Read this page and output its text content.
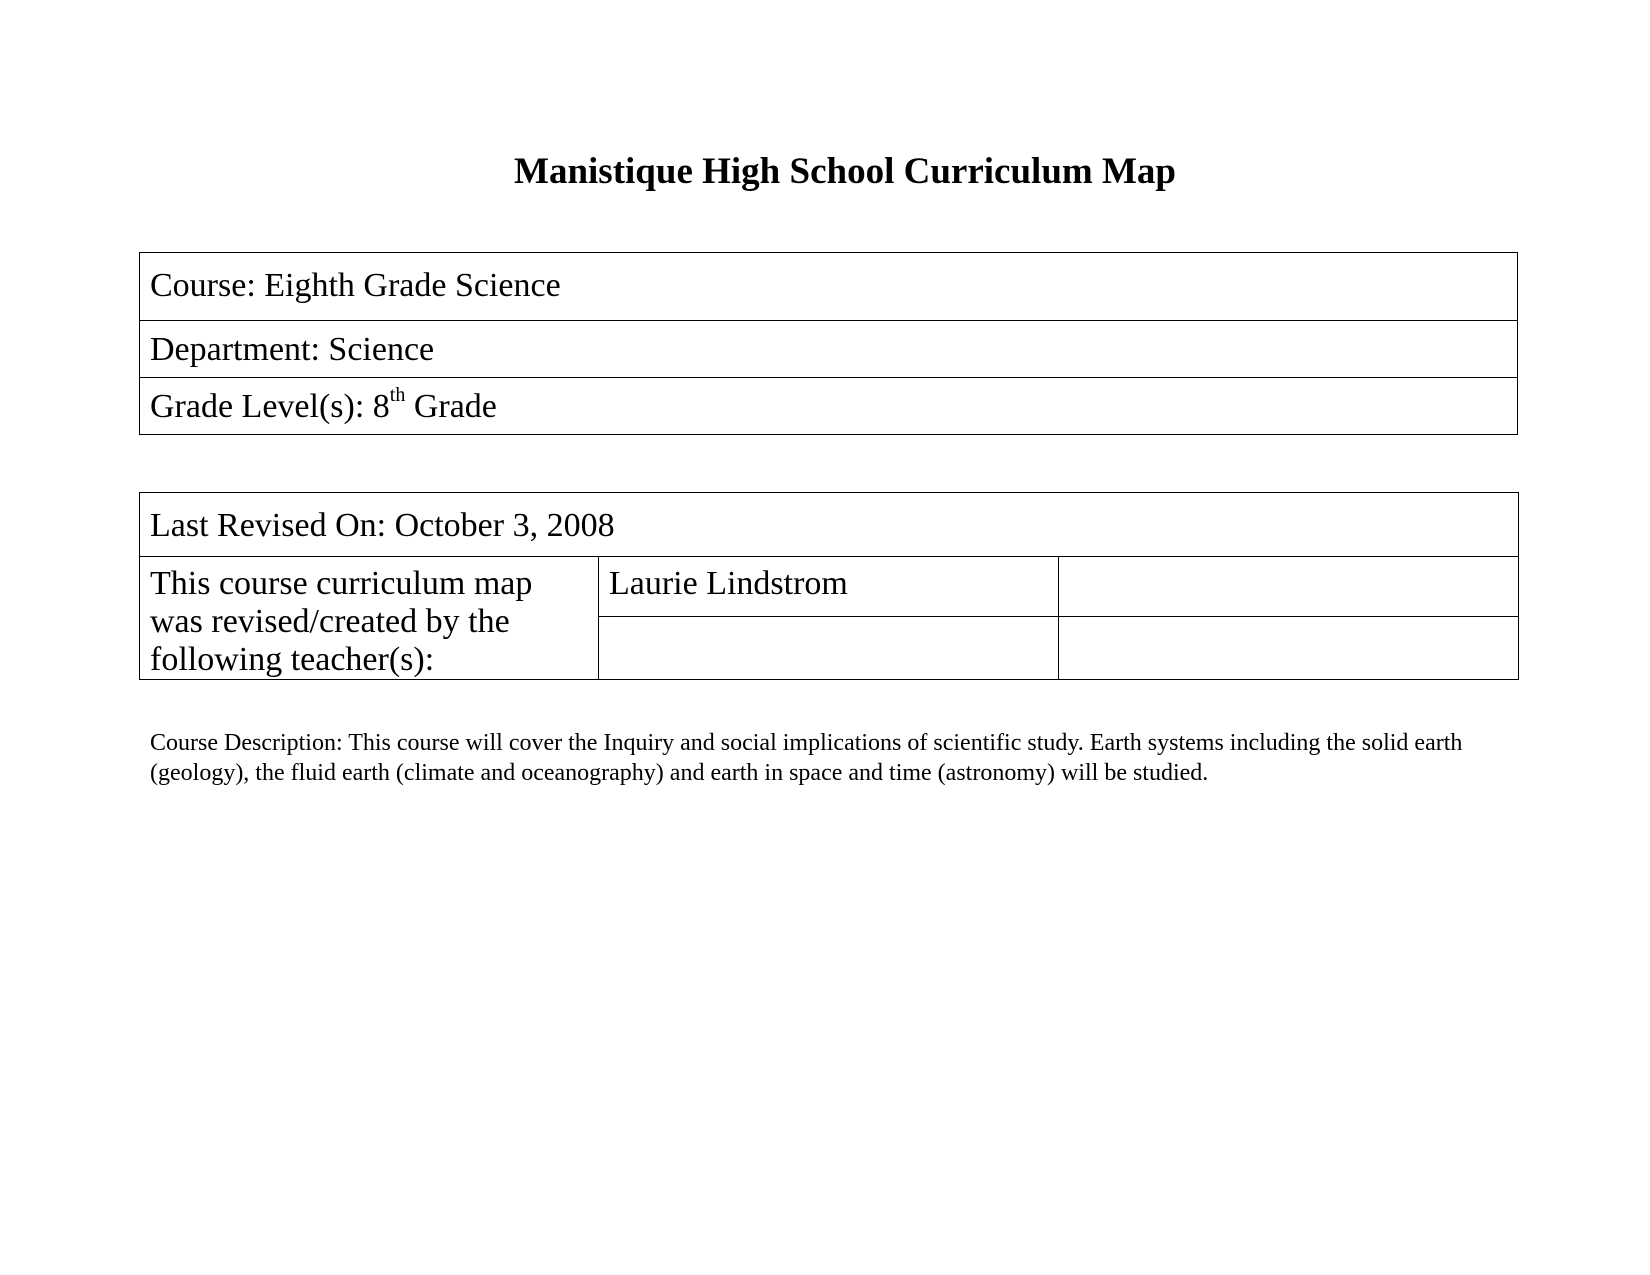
Manistique High School Curriculum Map
Course: Eighth Grade Science
Department: Science
Grade Level(s): 8th Grade
Last Revised On: October 3, 2008		
This course curriculum map was revised/created by the following teacher(s):	Laurie Lindstrom	

Course Description: This course will cover the Inquiry and social implications of scientific study. Earth systems including the solid earth (geology), the fluid earth (climate and oceanography) and earth in space and time (astronomy) will be studied.
